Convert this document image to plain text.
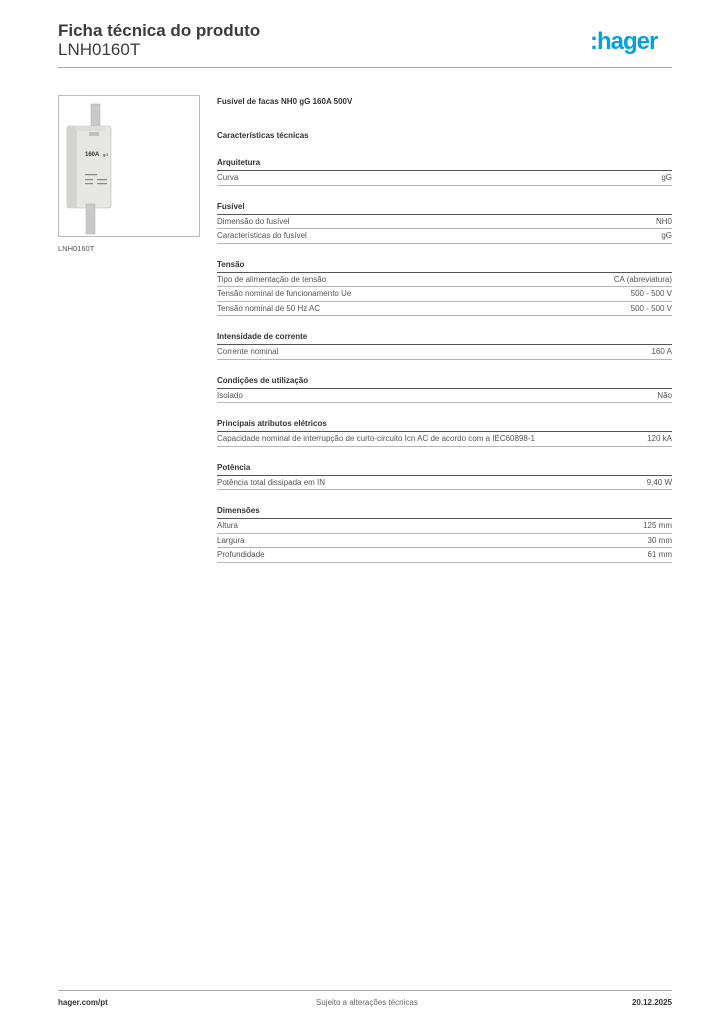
Ficha técnica do produto
LNH0160T	:hager
160A gG
LNH0160T
Fusível de facas NH0 gG 160A 500V
Características técnicas
Arquitetura
Curva	gG
Fusível
Dimensão do fusível	NH0
Características do fusível	gG
Tensão
Tipo de alimentação de tensão	CA (abreviatura)
Tensão nominal de funcionamento Ue	500 - 500 V
Tensão nominal de 50 Hz AC	500 - 500 V
Intensidade de corrente
Corrente nominal	160 A
Condições de utilização
Isolado	Não
Principais atributos elétricos
Capacidade nominal de interrupção de curto-circuito Icn AC de acordo com a IEC60898-1	120 kA
Potência
Potência total dissipada em IN	9,40 W
Dimensões
Altura	125 mm
Largura	30 mm
Profundidade	61 mm
hager.com/pt	Sujeito a alterações técnicas	20.12.2025
